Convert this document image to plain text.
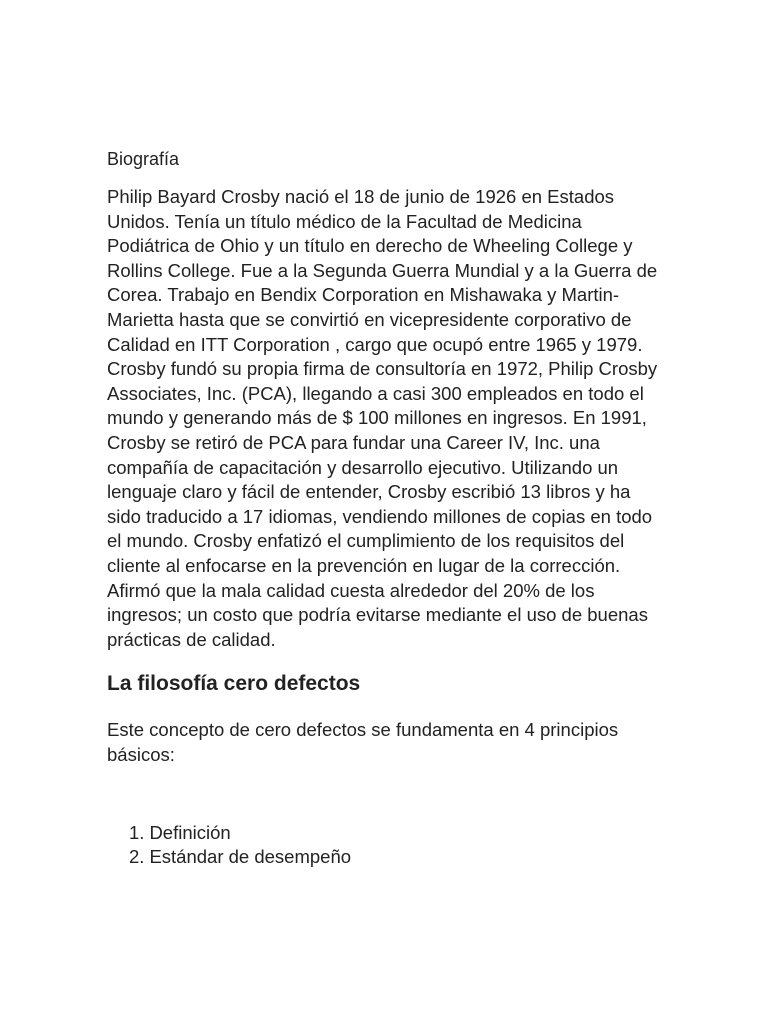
Biografía

Philip Bayard Crosby nació el 18 de junio de 1926 en Estados Unidos. Tenía un título médico de la Facultad de Medicina Podiátrica de Ohio y un título en derecho de Wheeling College y Rollins College. Fue a la Segunda Guerra Mundial y a la Guerra de Corea. Trabajo en Bendix Corporation en Mishawaka y Martin-Marietta hasta que se convirtió en vicepresidente corporativo de Calidad en ITT Corporation , cargo que ocupó entre 1965 y 1979. Crosby fundó su propia firma de consultoría en 1972, Philip Crosby Associates, Inc. (PCA), llegando a casi 300 empleados en todo el mundo y generando más de $ 100 millones en ingresos. En 1991, Crosby se retiró de PCA para fundar una Career IV, Inc. una compañía de capacitación y desarrollo ejecutivo. Utilizando un lenguaje claro y fácil de entender, Crosby escribió 13 libros y ha sido traducido a 17 idiomas, vendiendo millones de copias en todo el mundo. Crosby enfatizó el cumplimiento de los requisitos del cliente al enfocarse en la prevención en lugar de la corrección. Afirmó que la mala calidad cuesta alrededor del 20% de los ingresos; un costo que podría evitarse mediante el uso de buenas prácticas de calidad.

La filosofía cero defectos

Este concepto de cero defectos se fundamenta en 4 principios básicos:

1. Definición
2. Estándar de desempeño
